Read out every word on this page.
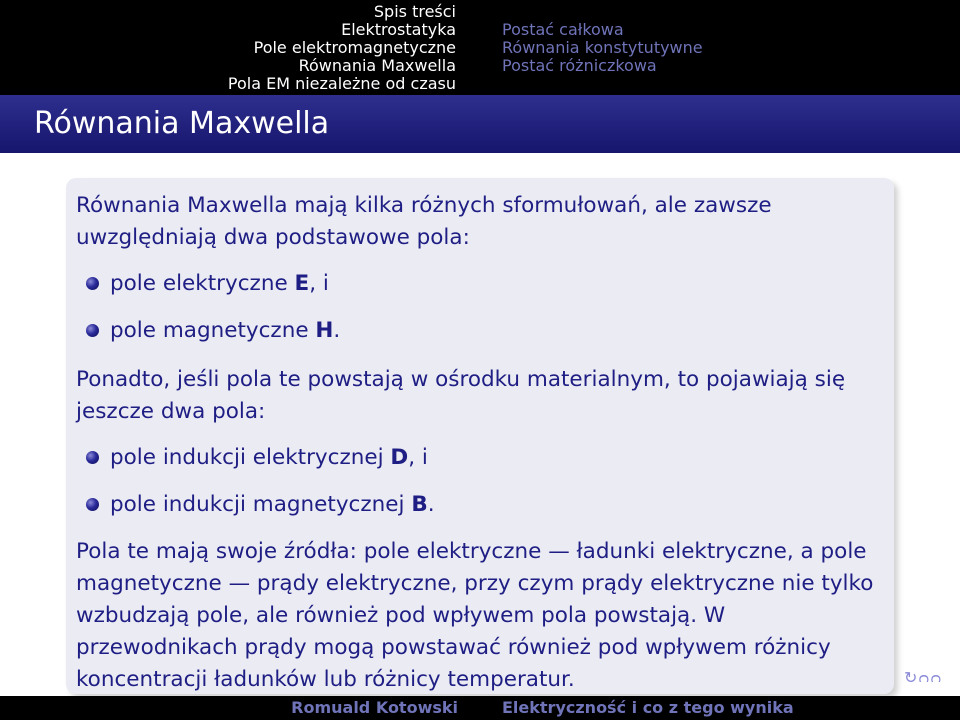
Spis treści
Elektrostatyka
Pole elektromagnetyczne
Równania Maxwella
Pola EM niezależne od czasu
Postać całkowa
Równania konstytutywne
Postać różniczkowa
Równania Maxwella

Równania Maxwella mają kilka różnych sformułowań, ale zawsze uwzględniają dwa podstawowe pola:

pole elektryczne E, i
pole magnetyczne H.

Ponadto, jeśli pola te powstają w ośrodku materialnym, to pojawiają się jeszcze dwa pola:

pole indukcji elektrycznej D, i
pole indukcji magnetycznej B.

Pola te mają swoje źródła: pole elektryczne — ładunki elektryczne, a pole magnetyczne — prądy elektryczne, przy czym prądy elektryczne nie tylko wzbudzają pole, ale również pod wpływem pola powstają. W przewodnikach prądy mogą powstawać również pod wpływem różnicy koncentracji ładunków lub różnicy temperatur.	↻ᴒᴒ
Romuald Kotowski	Elektryczność i co z tego wynika
